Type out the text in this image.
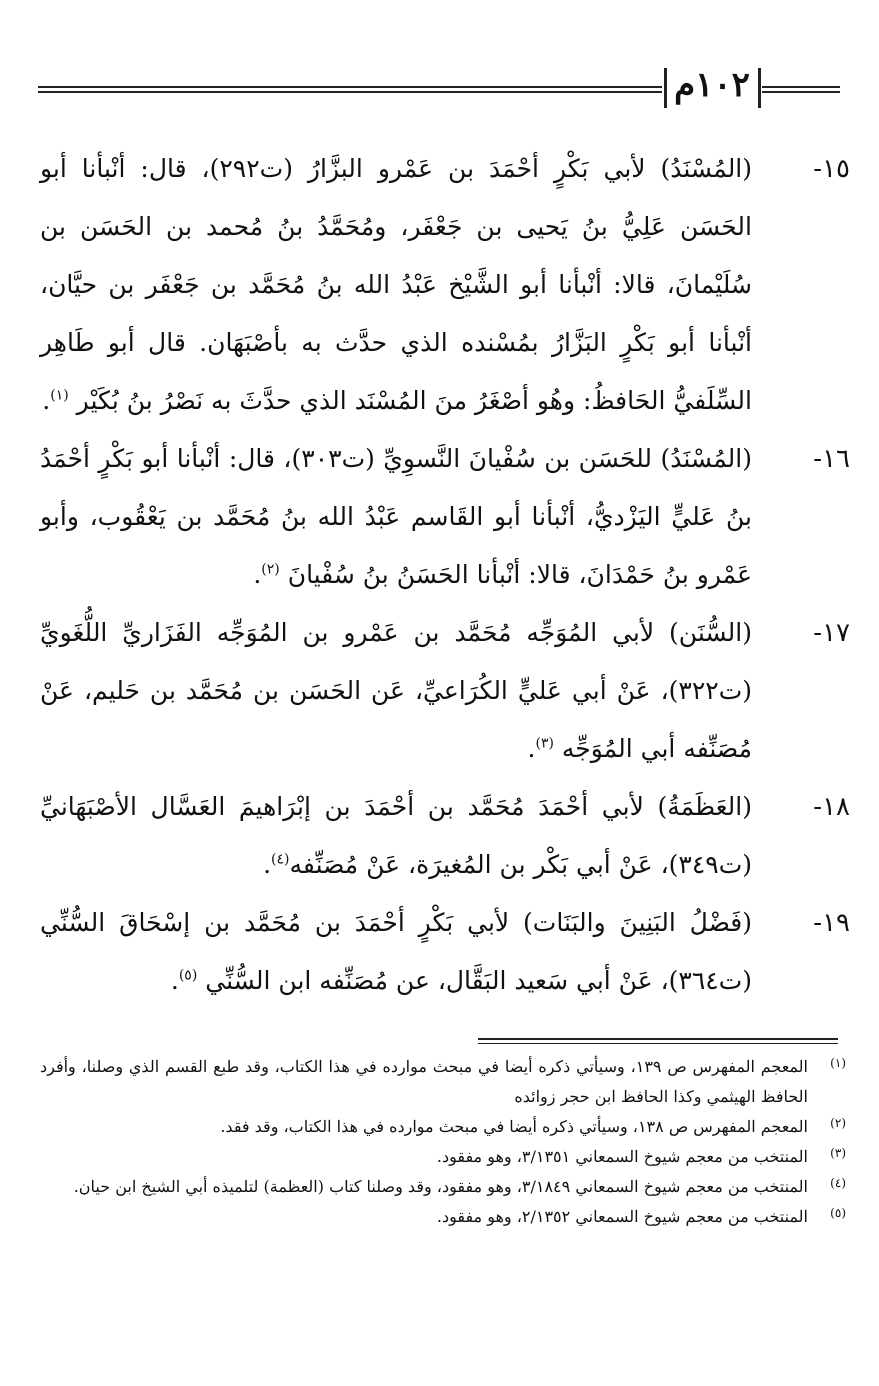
١٠٢م
١٥-
(المُسْنَدُ) لأبي بَكْرٍ أحْمَدَ بن عَمْرو البزَّارُ (ت٢٩٢)، قال: أنْبأنا أبو الحَسَن عَلِيُّ بنُ يَحيى بن جَعْفَر، ومُحَمَّدُ بنُ مُحمد بن الحَسَن بن سُلَيْمانَ، قالا: أنْبأنا أبو الشَّيْخ عَبْدُ الله بنُ مُحَمَّد بن جَعْفَر بن حيَّان، أنْبأنا أبو بَكْرٍ البَزَّارُ بمُسْنده الذي حدَّث به بأصْبَهَان. قال أبو طَاهِر السِّلَفيُّ الحَافظُ: وهُو أصْغَرُ منَ المُسْنَد الذي حدَّثَ به نَصْرُ بنُ بُكَيْر $^{(١)}$.
١٦-
(المُسْنَدُ) للحَسَن بن سُفْيانَ النَّسوِيِّ (ت٣٠٣)، قال: أنْبأنا أبو بَكْرٍ أحْمَدُ بنُ عَليٍّ اليَزْديُّ، أنْبأنا أبو القَاسم عَبْدُ الله بنُ مُحَمَّد بن يَعْقُوب، وأبو عَمْرو بنُ حَمْدَانَ، قالا: أنْبأنا الحَسَنُ بنُ سُفْيانَ $^{(٢)}$.
١٧-
(السُّنَن) لأبي المُوَجِّه مُحَمَّد بن عَمْرو بن المُوَجِّه الفَزَاريِّ اللُّغَويِّ (ت٣٢٢)، عَنْ أبي عَليٍّ الكُرَاعيِّ، عَن الحَسَن بن مُحَمَّد بن حَليم، عَنْ مُصَنِّفه أبي المُوَجِّه $^{(٣)}$.
١٨-
(العَظَمَةُ) لأبي أحْمَدَ مُحَمَّد بن أحْمَدَ بن إبْرَاهيمَ العَسَّال الأصْبَهَانيِّ (ت٣٤٩)، عَنْ أبي بَكْر بن المُغيرَة، عَنْ مُصَنِّفه$^{(٤)}$.
١٩-
(فَضْلُ البَنِينَ والبَنَات) لأبي بَكْرٍ أحْمَدَ بن مُحَمَّد بن إسْحَاقَ السُّنِّي (ت٣٦٤)، عَنْ أبي سَعيد البَقَّال، عن مُصَنِّفه ابن السُّنِّي $^{(٥)}$.
(١)
المعجم المفهرس ص ١٣٩، وسيأتي ذكره أيضا في مبحث موارده في هذا الكتاب، وقد طبع القسم الذي وصلنا، وأفرد الحافظ الهيثمي وكذا الحافظ ابن حجر زوائده
(٢)
المعجم المفهرس ص ١٣٨، وسيأتي ذكره أيضا في مبحث موارده في هذا الكتاب، وقد فقد.
(٣)
المنتخب من معجم شيوخ السمعاني ٣/١٣٥١، وهو مفقود.
(٤)
المنتخب من معجم شيوخ السمعاني ٣/١٨٤٩، وهو مفقود، وقد وصلنا كتاب (العظمة) لتلميذه أبي الشيخ ابن حيان.
(٥)
المنتخب من معجم شيوخ السمعاني ٢/١٣٥٢، وهو مفقود.
